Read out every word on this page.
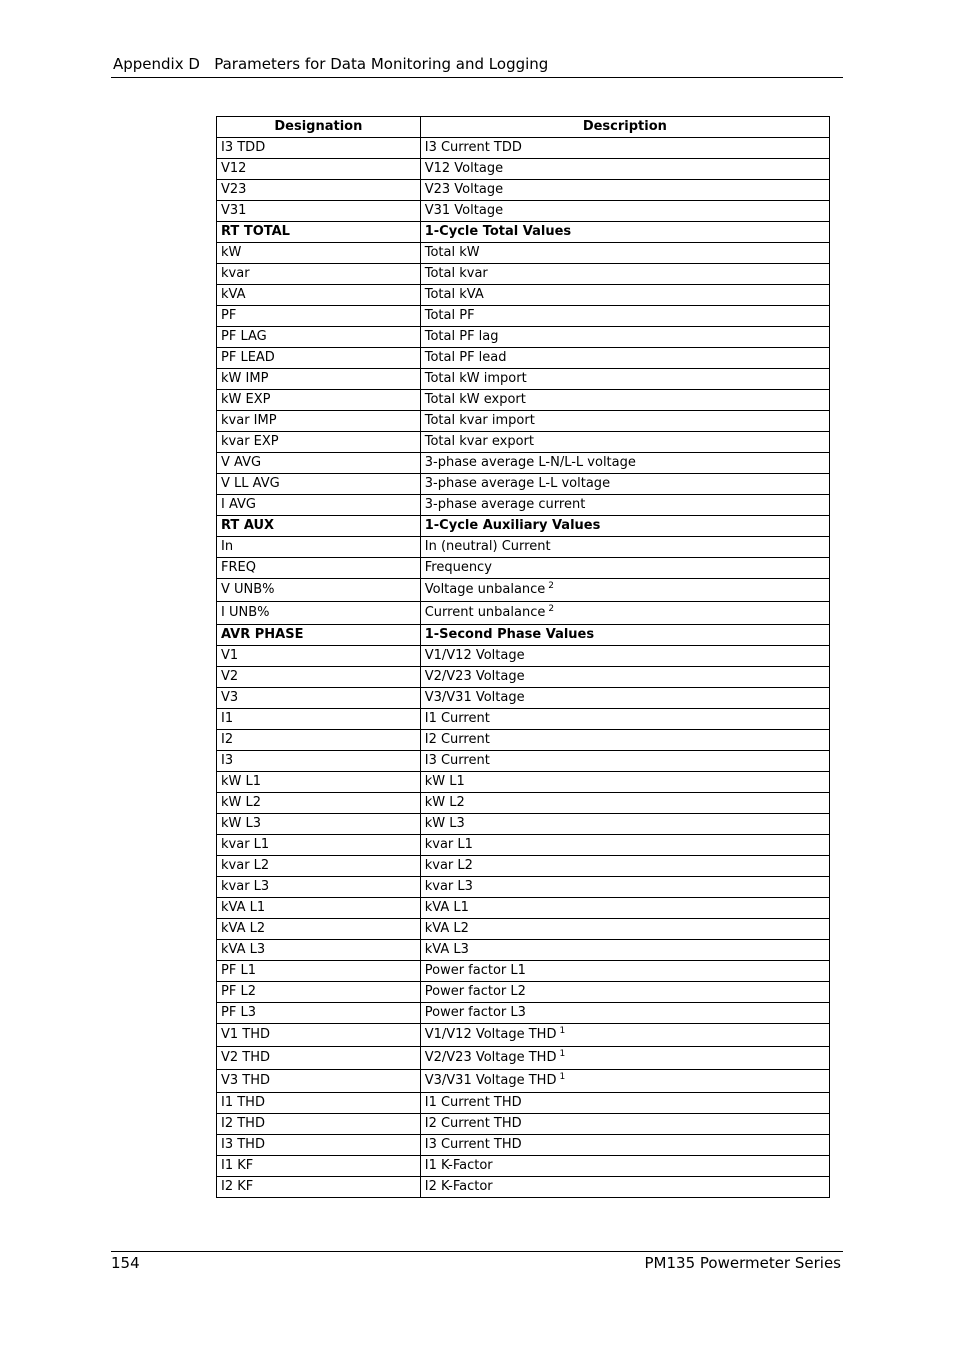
Appendix D   Parameters for Data Monitoring and Logging
Designation	Description
I3 TDD	I3 Current TDD
V12	V12 Voltage
V23	V23 Voltage
V31	V31 Voltage
RT TOTAL	1-Cycle Total Values
kW	Total kW
kvar	Total kvar
kVA	Total kVA
PF	Total PF
PF LAG	Total PF lag
PF LEAD	Total PF lead
kW IMP	Total kW import
kW EXP	Total kW export
kvar IMP	Total kvar import
kvar EXP	Total kvar export
V AVG	3-phase average L-N/L-L voltage
V LL AVG	3-phase average L-L voltage
I AVG	3-phase average current
RT AUX	1-Cycle Auxiliary Values
In	In (neutral) Current
FREQ	Frequency
V UNB%	Voltage unbalance $^2$
I UNB%	Current unbalance $^2$
AVR PHASE	1-Second Phase Values
V1	V1/V12 Voltage
V2	V2/V23 Voltage
V3	V3/V31 Voltage
I1	I1 Current
I2	I2 Current
I3	I3 Current
kW L1	kW L1
kW L2	kW L2
kW L3	kW L3
kvar L1	kvar L1
kvar L2	kvar L2
kvar L3	kvar L3
kVA L1	kVA L1
kVA L2	kVA L2
kVA L3	kVA L3
PF L1	Power factor L1
PF L2	Power factor L2
PF L3	Power factor L3
V1 THD	V1/V12 Voltage THD $^1$
V2 THD	V2/V23 Voltage THD $^1$
V3 THD	V3/V31 Voltage THD $^1$
I1 THD	I1 Current THD
I2 THD	I2 Current THD
I3 THD	I3 Current THD
I1 KF	I1 K-Factor
I2 KF	I2 K-Factor
154	PM135 Powermeter Series
